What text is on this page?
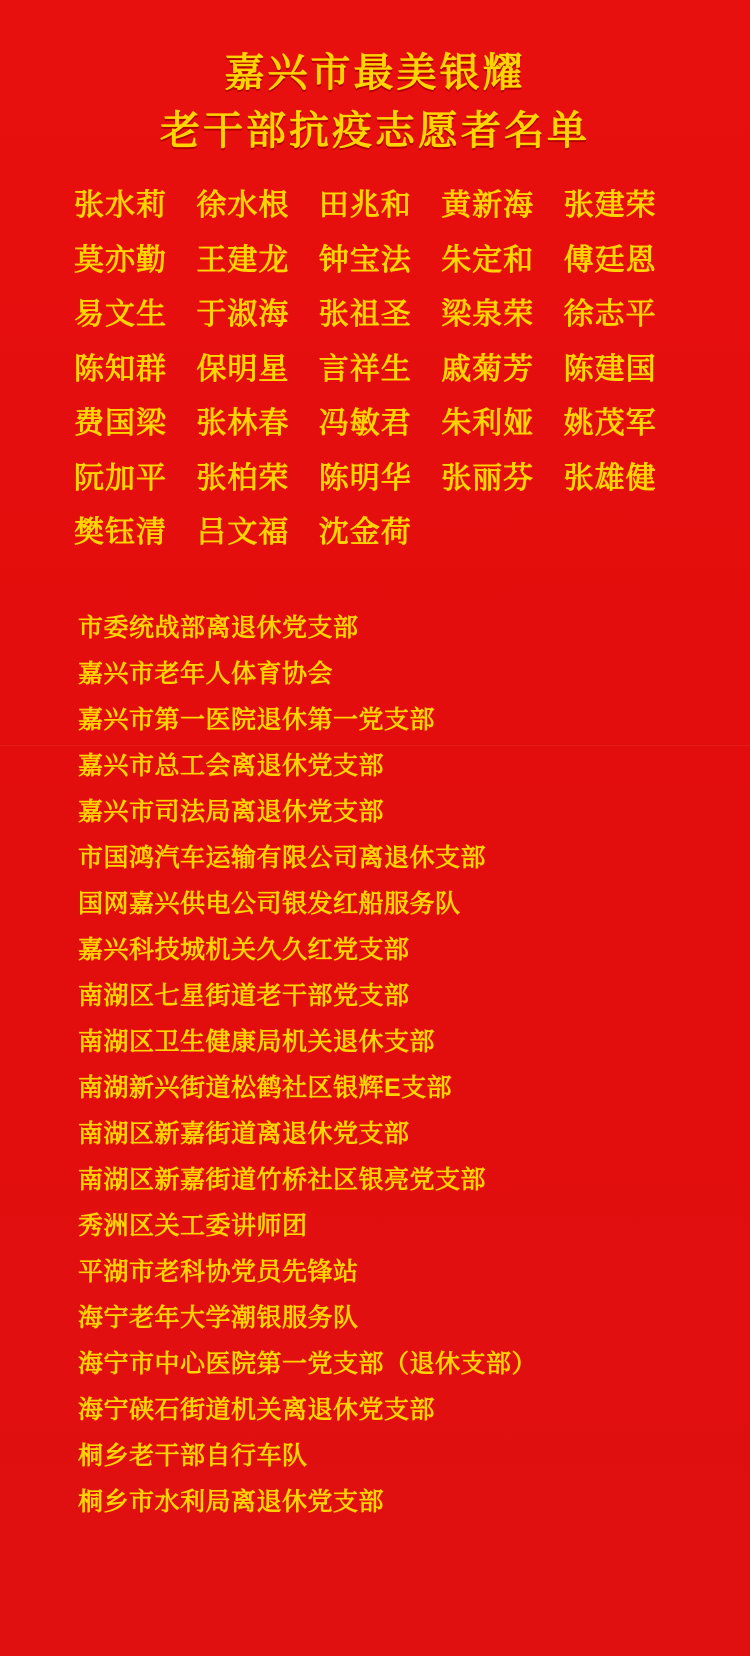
嘉兴市最美银耀
老干部抗疫志愿者名单
张水莉 徐水根 田兆和 黄新海 张建荣
莫亦勤 王建龙 钟宝法 朱定和 傅廷恩
易文生 于淑海 张祖圣 梁泉荣 徐志平
陈知群 保明星 言祥生 戚菊芳 陈建国
费国梁 张林春 冯敏君 朱利娅 姚茂军
阮加平 张柏荣 陈明华 张丽芬 张雄健
樊钰清 吕文福 沈金荷
市委统战部离退休党支部
嘉兴市老年人体育协会
嘉兴市第一医院退休第一党支部
嘉兴市总工会离退休党支部
嘉兴市司法局离退休党支部
市国鸿汽车运输有限公司离退休支部
国网嘉兴供电公司银发红船服务队
嘉兴科技城机关久久红党支部
南湖区七星街道老干部党支部
南湖区卫生健康局机关退休支部
南湖新兴街道松鹤社区银辉E支部
南湖区新嘉街道离退休党支部
南湖区新嘉街道竹桥社区银亮党支部
秀洲区关工委讲师团
平湖市老科协党员先锋站
海宁老年大学潮银服务队
海宁市中心医院第一党支部（退休支部）
海宁硖石街道机关离退休党支部
桐乡老干部自行车队
桐乡市水利局离退休党支部
